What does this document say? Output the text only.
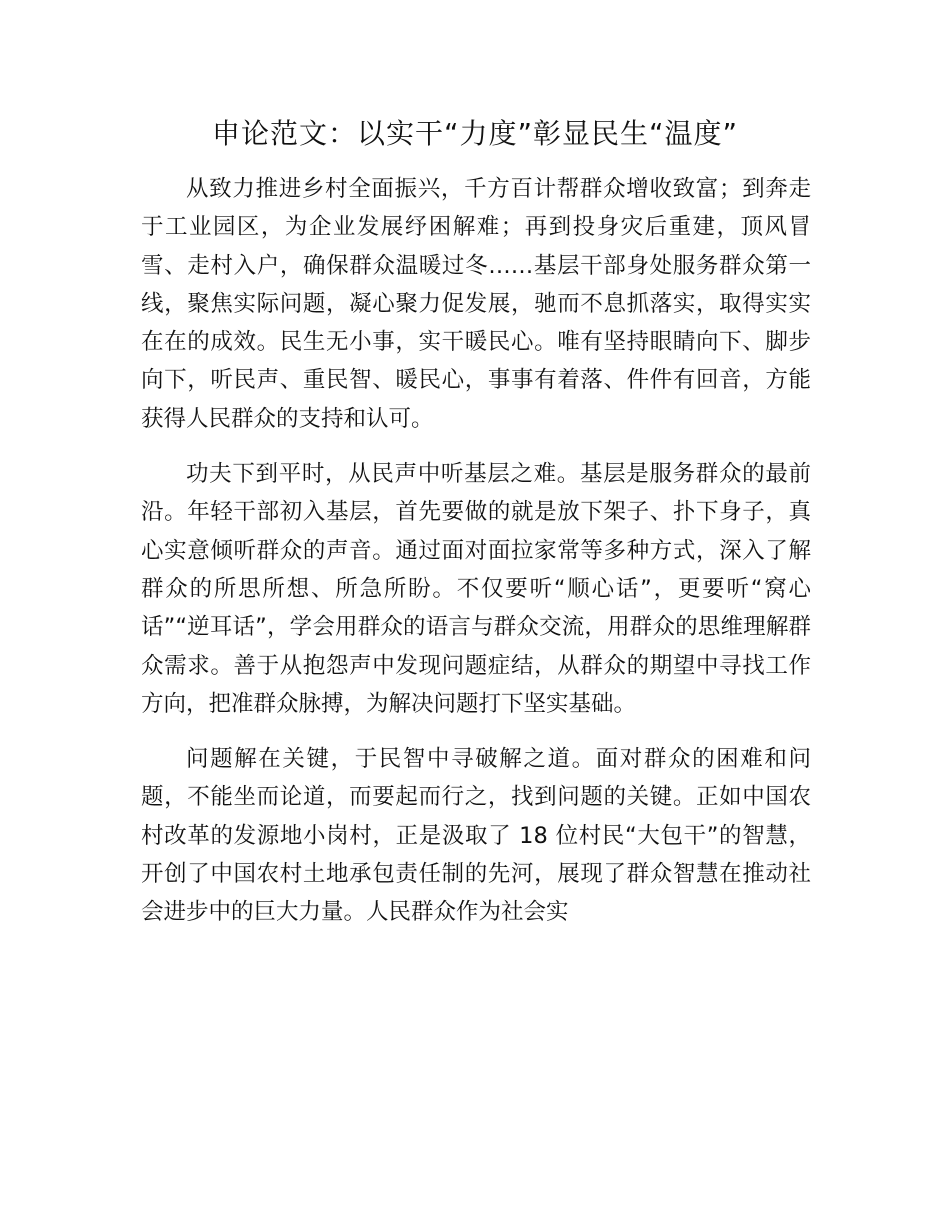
申论范文：以实干“力度”彰显民生“温度”

从致力推进乡村全面振兴，千方百计帮群众增收致富；到奔走于工业园区，为企业发展纾困解难；再到投身灾后重建，顶风冒雪、走村入户，确保群众温暖过冬……基层干部身处服务群众第一线，聚焦实际问题，凝心聚力促发展，驰而不息抓落实，取得实实在在的成效。民生无小事，实干暖民心。唯有坚持眼睛向下、脚步向下，听民声、重民智、暖民心，事事有着落、件件有回音，方能获得人民群众的支持和认可。

功夫下到平时，从民声中听基层之难。基层是服务群众的最前沿。年轻干部初入基层，首先要做的就是放下架子、扑下身子，真心实意倾听群众的声音。通过面对面拉家常等多种方式，深入了解群众的所思所想、所急所盼。不仅要听“顺心话”，更要听“窝心话”“逆耳话”，学会用群众的语言与群众交流，用群众的思维理解群众需求。善于从抱怨声中发现问题症结，从群众的期望中寻找工作方向，把准群众脉搏，为解决问题打下坚实基础。

问题解在关键，于民智中寻破解之道。面对群众的困难和问题，不能坐而论道，而要起而行之，找到问题的关键。正如中国农村改革的发源地小岗村，正是汲取了 18 位村民“大包干”的智慧，开创了中国农村土地承包责任制的先河，展现了群众智慧在推动社会进步中的巨大力量。人民群众作为社会实
